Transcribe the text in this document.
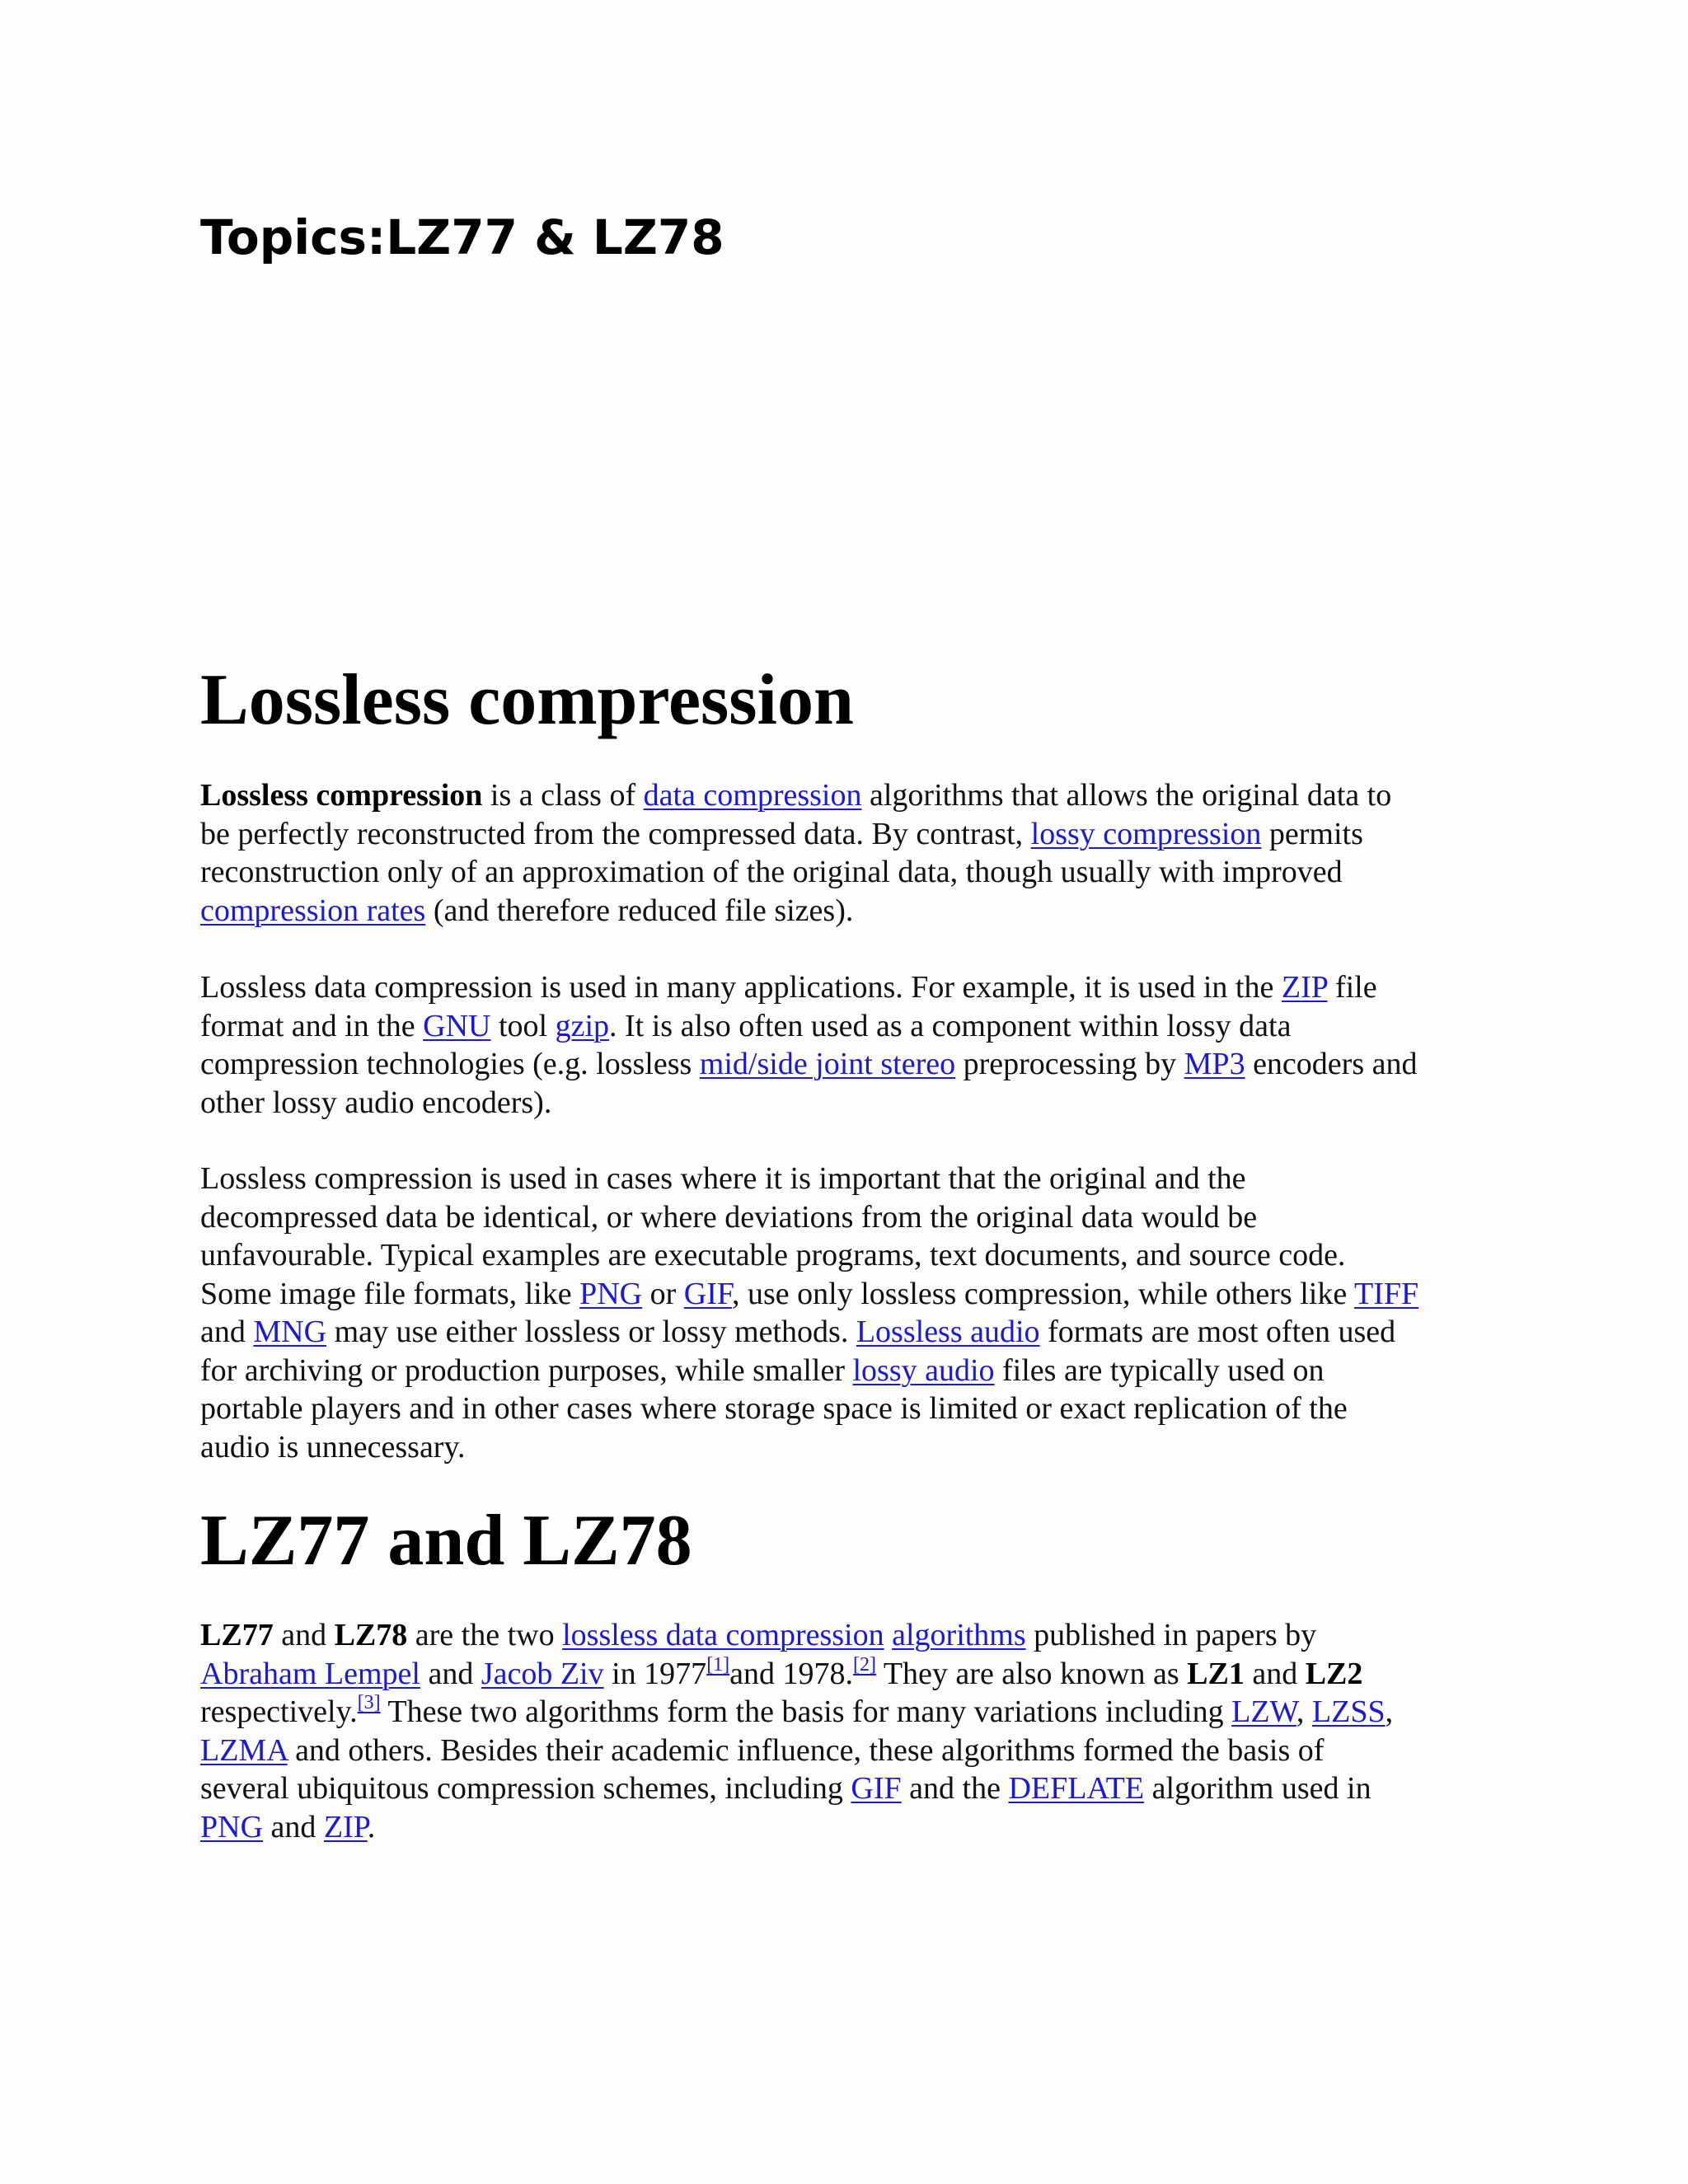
Topics:LZ77 & LZ78
Lossless compression

Lossless compression is a class of data compression algorithms that allows the original data to
be perfectly reconstructed from the compressed data. By contrast, lossy compression permits
reconstruction only of an approximation of the original data, though usually with improved
compression rates (and therefore reduced file sizes).

Lossless data compression is used in many applications. For example, it is used in the ZIP file
format and in the GNU tool gzip. It is also often used as a component within lossy data
compression technologies (e.g. lossless mid/side joint stereo preprocessing by MP3 encoders and
other lossy audio encoders).

Lossless compression is used in cases where it is important that the original and the
decompressed data be identical, or where deviations from the original data would be
unfavourable. Typical examples are executable programs, text documents, and source code.
Some image file formats, like PNG or GIF, use only lossless compression, while others like TIFF
and MNG may use either lossless or lossy methods. Lossless audio formats are most often used
for archiving or production purposes, while smaller lossy audio files are typically used on
portable players and in other cases where storage space is limited or exact replication of the
audio is unnecessary.

LZ77 and LZ78

LZ77 and LZ78 are the two lossless data compression algorithms published in papers by
Abraham Lempel and Jacob Ziv in 1977[1]and 1978.[2] They are also known as LZ1 and LZ2
respectively.[3] These two algorithms form the basis for many variations including LZW, LZSS,
LZMA and others. Besides their academic influence, these algorithms formed the basis of
several ubiquitous compression schemes, including GIF and the DEFLATE algorithm used in
PNG and ZIP.
